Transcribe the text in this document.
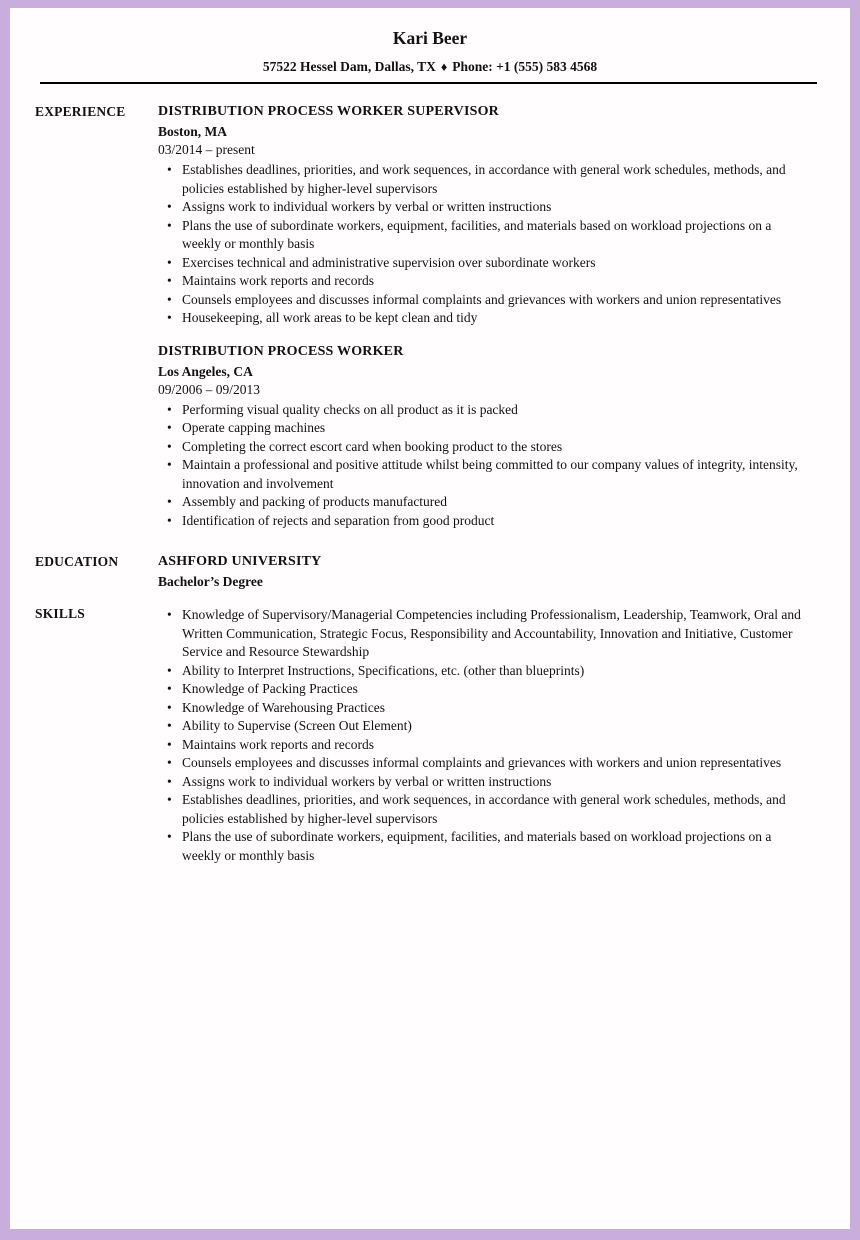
Kari Beer
57522 Hessel Dam, Dallas, TX ♦ Phone: +1 (555) 583 4568
EXPERIENCE	DISTRIBUTION PROCESS WORKER SUPERVISOR
Boston, MA
03/2014 – present
• Establishes deadlines, priorities, and work sequences, in accordance with general work schedules, methods, and policies established by higher-level supervisors
• Assigns work to individual workers by verbal or written instructions
• Plans the use of subordinate workers, equipment, facilities, and materials based on workload projections on a weekly or monthly basis
• Exercises technical and administrative supervision over subordinate workers
• Maintains work reports and records
• Counsels employees and discusses informal complaints and grievances with workers and union representatives
• Housekeeping, all work areas to be kept clean and tidy
DISTRIBUTION PROCESS WORKER
Los Angeles, CA
09/2006 – 09/2013
• Performing visual quality checks on all product as it is packed
• Operate capping machines
• Completing the correct escort card when booking product to the stores
• Maintain a professional and positive attitude whilst being committed to our company values of integrity, intensity, innovation and involvement
• Assembly and packing of products manufactured
• Identification of rejects and separation from good product
EDUCATION	ASHFORD UNIVERSITY
Bachelor’s Degree
SKILLS	• Knowledge of Supervisory/Managerial Competencies including Professionalism, Leadership, Teamwork, Oral and Written Communication, Strategic Focus, Responsibility and Accountability, Innovation and Initiative, Customer Service and Resource Stewardship
• Ability to Interpret Instructions, Specifications, etc. (other than blueprints)
• Knowledge of Packing Practices
• Knowledge of Warehousing Practices
• Ability to Supervise (Screen Out Element)
• Maintains work reports and records
• Counsels employees and discusses informal complaints and grievances with workers and union representatives
• Assigns work to individual workers by verbal or written instructions
• Establishes deadlines, priorities, and work sequences, in accordance with general work schedules, methods, and policies established by higher-level supervisors
• Plans the use of subordinate workers, equipment, facilities, and materials based on workload projections on a weekly or monthly basis
